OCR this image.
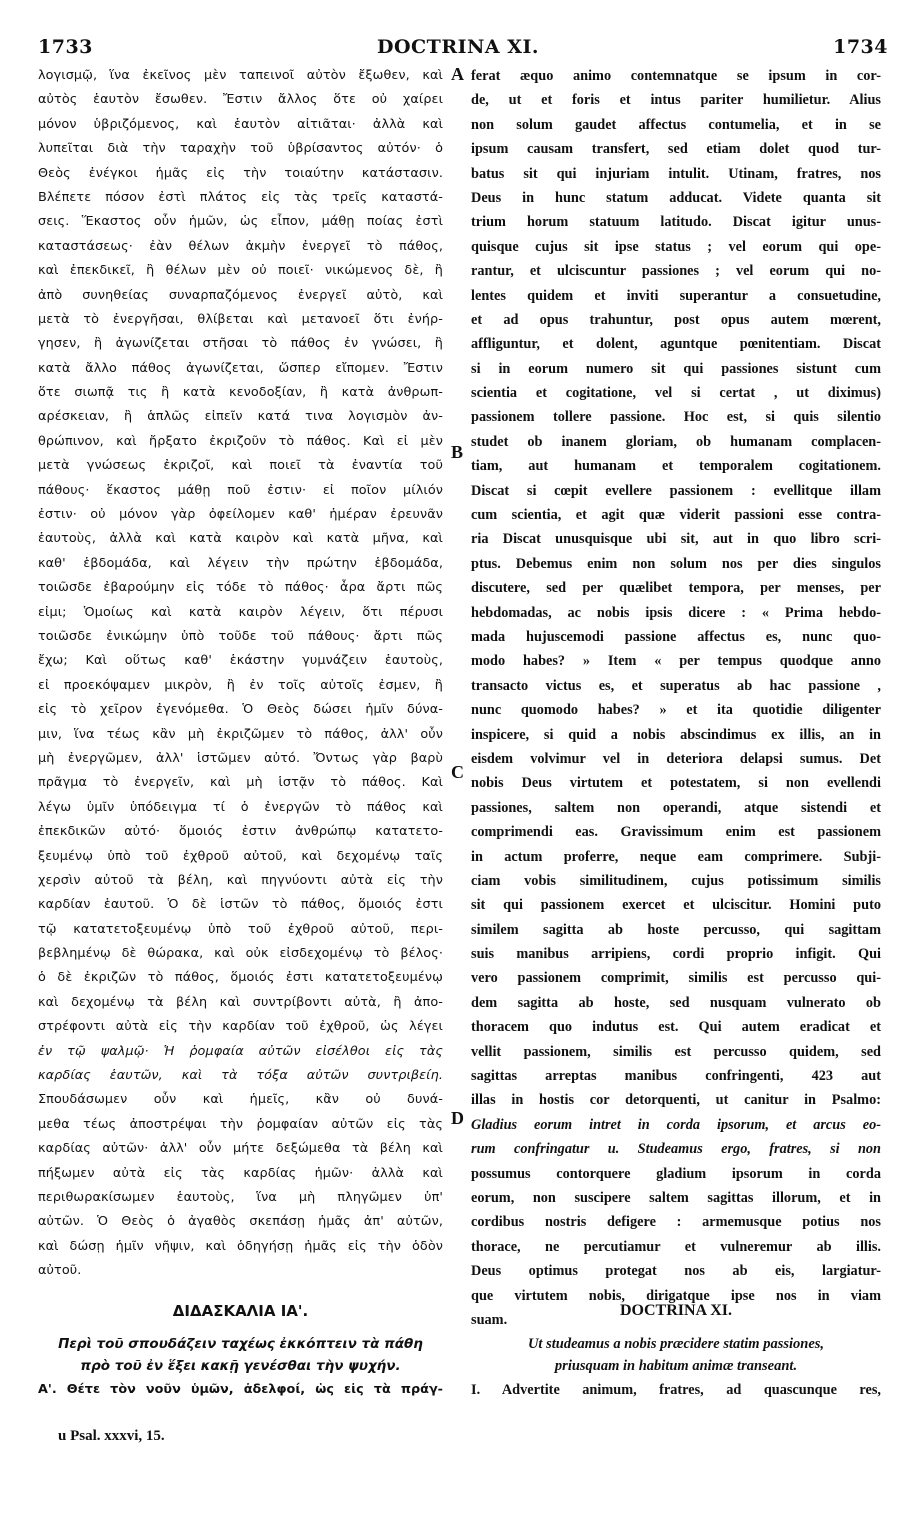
1733	DOCTRINA XI.	1734
λογισμῷ, ἵνα ἐκεῖνος μὲν ταπεινοῖ αὐτὸν ἔξωθεν, καὶ
αὐτὸς ἑαυτὸν ἔσωθεν. Ἔστιν ἄλλος ὅτε οὐ χαίρει
μόνον ὑβριζόμενος, καὶ ἑαυτὸν αἰτιᾶται· ἀλλὰ καὶ
λυπεῖται διὰ τὴν ταραχὴν τοῦ ὑβρίσαντος αὐτόν· ὁ
Θεὸς ἐνέγκοι ἡμᾶς εἰς τὴν τοιαύτην κατάστασιν.
Βλέπετε πόσον ἐστὶ πλάτος εἰς τὰς τρεῖς καταστά-
σεις. Ἕκαστος οὖν ἡμῶν, ὡς εἶπον, μάθῃ ποίας ἐστὶ
καταστάσεως· ἐὰν θέλων ἀκμὴν ἐνεργεῖ τὸ πάθος,
καὶ ἐπεκδικεῖ, ἢ θέλων μὲν οὐ ποιεῖ· νικώμενος δὲ, ἢ
ἀπὸ συνηθείας συναρπαζόμενος ἐνεργεῖ αὐτὸ, καὶ
μετὰ τὸ ἐνεργῆσαι, θλίβεται καὶ μετανοεῖ ὅτι ἐνήρ-
γησεν, ἢ ἀγωνίζεται στῆσαι τὸ πάθος ἐν γνώσει, ἢ
κατὰ ἄλλο πάθος ἀγωνίζεται, ὥσπερ εἴπομεν. Ἔστιν
ὅτε σιωπᾷ τις ἢ κατὰ κενοδοξίαν, ἢ κατὰ ἀνθρωπ-
αρέσκειαν, ἢ ἁπλῶς εἰπεῖν κατά τινα λογισμὸν ἀν-
θρώπινον, καὶ ἤρξατο ἐκριζοῦν τὸ πάθος. Καὶ εἰ μὲν
μετὰ γνώσεως ἐκριζοῖ, καὶ ποιεῖ τὰ ἐναντία τοῦ
πάθους· ἕκαστος μάθῃ ποῦ ἐστιν· εἰ ποῖον μίλιόν
ἐστιν· οὐ μόνον γὰρ ὀφείλομεν καθ' ἡμέραν ἐρευνᾶν
ἑαυτοὺς, ἀλλὰ καὶ κατὰ καιρὸν καὶ κατὰ μῆνα, καὶ
καθ' ἑβδομάδα, καὶ λέγειν τὴν πρώτην ἑβδομάδα,
τοιῶσδε ἐβαρούμην εἰς τόδε τὸ πάθος· ἆρα ἄρτι πῶς
εἰμι; Ὁμοίως καὶ κατὰ καιρὸν λέγειν, ὅτι πέρυσι
τοιῶσδε ἐνικώμην ὑπὸ τοῦδε τοῦ πάθους· ἄρτι πῶς
ἔχω; Καὶ οὕτως καθ' ἑκάστην γυμνάζειν ἑαυτοὺς,
εἰ προεκόψαμεν μικρὸν, ἢ ἐν τοῖς αὐτοῖς ἐσμεν, ἢ
εἰς τὸ χεῖρον ἐγενόμεθα. Ὁ Θεὸς δώσει ἡμῖν δύνα-
μιν, ἵνα τέως κἂν μὴ ἐκριζῶμεν τὸ πάθος, ἀλλ' οὖν
μὴ ἐνεργῶμεν, ἀλλ' ἱστῶμεν αὐτό. Ὄντως γὰρ βαρὺ
πρᾶγμα τὸ ἐνεργεῖν, καὶ μὴ ἱστᾷν τὸ πάθος. Καὶ
λέγω ὑμῖν ὑπόδειγμα τί ὁ ἐνεργῶν τὸ πάθος καὶ
ἐπεκδικῶν αὐτό· ὅμοιός ἐστιν ἀνθρώπῳ κατατετο-
ξευμένῳ ὑπὸ τοῦ ἐχθροῦ αὐτοῦ, καὶ δεχομένῳ ταῖς
χερσὶν αὐτοῦ τὰ βέλη, καὶ πηγνύοντι αὐτὰ εἰς τὴν
καρδίαν ἑαυτοῦ. Ὁ δὲ ἱστῶν τὸ πάθος, ὅμοιός ἐστι
τῷ κατατετοξευμένῳ ὑπὸ τοῦ ἐχθροῦ αὐτοῦ, περι-
βεβλημένῳ δὲ θώρακα, καὶ οὐκ εἰσδεχομένῳ τὸ βέλος·
ὁ δὲ ἐκριζῶν τὸ πάθος, ὅμοιός ἐστι κατατετοξευμένῳ
καὶ δεχομένῳ τὰ βέλη καὶ συντρίβοντι αὐτὰ, ἢ ἀπο-
στρέφοντι αὐτὰ εἰς τὴν καρδίαν τοῦ ἐχθροῦ, ὡς λέγει
ἐν τῷ ψαλμῷ· Ἡ ῥομφαία αὐτῶν εἰσέλθοι εἰς τὰς
καρδίας ἑαυτῶν, καὶ τὰ τόξα αὐτῶν συντριβείη.
Σπουδάσωμεν οὖν καὶ ἡμεῖς, κἂν οὐ δυνά-
μεθα τέως ἀποστρέψαι τὴν ῥομφαίαν αὐτῶν εἰς τὰς
καρδίας αὐτῶν· ἀλλ' οὖν μήτε δεξώμεθα τὰ βέλη καὶ
πήξωμεν αὐτὰ εἰς τὰς καρδίας ἡμῶν· ἀλλὰ καὶ
περιθωρακίσωμεν ἑαυτοὺς, ἵνα μὴ πληγῶμεν ὑπ'
αὐτῶν. Ὁ Θεὸς ὁ ἀγαθὸς σκεπάσῃ ἡμᾶς ἀπ' αὐτῶν,
καὶ δώσῃ ἡμῖν νῆψιν, καὶ ὁδηγήσῃ ἡμᾶς εἰς τὴν ὁδὸν
αὐτοῦ.
ferat æquo animo contemnatque se ipsum in cor-
de, ut et foris et intus pariter humilietur. Alius
non solum gaudet affectus contumelia, et in se
ipsum causam transfert, sed etiam dolet quod tur-
batus sit qui injuriam intulit. Utinam, fratres, nos
Deus in hunc statum adducat. Videte quanta sit
trium horum statuum latitudo. Discat igitur unus-
quisque cujus sit ipse status ; vel eorum qui ope-
rantur, et ulciscuntur passiones ; vel eorum qui no-
lentes quidem et inviti superantur a consuetudine,
et ad opus trahuntur, post opus autem mœrent,
affliguntur, et dolent, aguntque pœnitentiam. Discat
si in eorum numero sit qui passiones sistunt cum
scientia et cogitatione, vel si certat , ut diximus)
passionem tollere passione. Hoc est, si quis silentio
studet ob inanem gloriam, ob humanam complacen-
tiam, aut humanam et temporalem cogitationem.
Discat si cœpit evellere passionem : evellitque illam
cum scientia, et agit quæ viderit passioni esse contra-
ria Discat unusquisque ubi sit, aut in quo libro scri-
ptus. Debemus enim non solum nos per dies singulos
discutere, sed per quælibet tempora, per menses, per
hebdomadas, ac nobis ipsis dicere : « Prima hebdo-
mada hujuscemodi passione affectus es, nunc quo-
modo habes? » Item « per tempus quodque anno
transacto victus es, et superatus ab hac passione ,
nunc quomodo habes? » et ita quotidie diligenter
inspicere, si quid a nobis abscindimus ex illis, an in
eisdem volvimur vel in deteriora delapsi sumus. Det
nobis Deus virtutem et potestatem, si non evellendi
passiones, saltem non operandi, atque sistendi et
comprimendi eas. Gravissimum enim est passionem
in actum proferre, neque eam comprimere. Subji-
ciam vobis similitudinem, cujus potissimum similis
sit qui passionem exercet et ulciscitur. Homini puto
similem sagitta ab hoste percusso, qui sagittam
suis manibus arripiens, cordi proprio infigit. Qui
vero passionem comprimit, similis est percusso qui-
dem sagitta ab hoste, sed nusquam vulnerato ob
thoracem quo indutus est. Qui autem eradicat et
vellit passionem, similis est percusso quidem, sed
sagittas arreptas manibus confringenti, 423 aut
illas in hostis cor detorquenti, ut canitur in Psalmo:
Gladius eorum intret in corda ipsorum, et arcus eo-
rum confringatur u. Studeamus ergo, fratres, si non
possumus contorquere gladium ipsorum in corda
eorum, non suscipere saltem sagittas illorum, et in
cordibus nostris defigere : armemusque potius nos
thorace, ne percutiamur et vulneremur ab illis.
Deus optimus protegat nos ab eis, largiatur-
que virtutem nobis, dirigatque ipse nos in viam
suam.
A
B
C
D
ΔΙΔΑΣΚΑΛΙΑ ΙΑ'.
Περὶ τοῦ σπουδάζειν ταχέως ἐκκόπτειν τὰ πάθη
πρὸ τοῦ ἐν ἕξει κακῇ γενέσθαι τὴν ψυχήν.
Α'. Θέτε τὸν νοῦν ὑμῶν, ἀδελφοί, ὡς εἰς τὰ πράγ-
DOCTRINA XI.
Ut studeamus a nobis præcidere statim passiones,
priusquam in habitum animæ transeant.
I. Advertite animum, fratres, ad quascunque res,
u Psal. xxxvi, 15.
